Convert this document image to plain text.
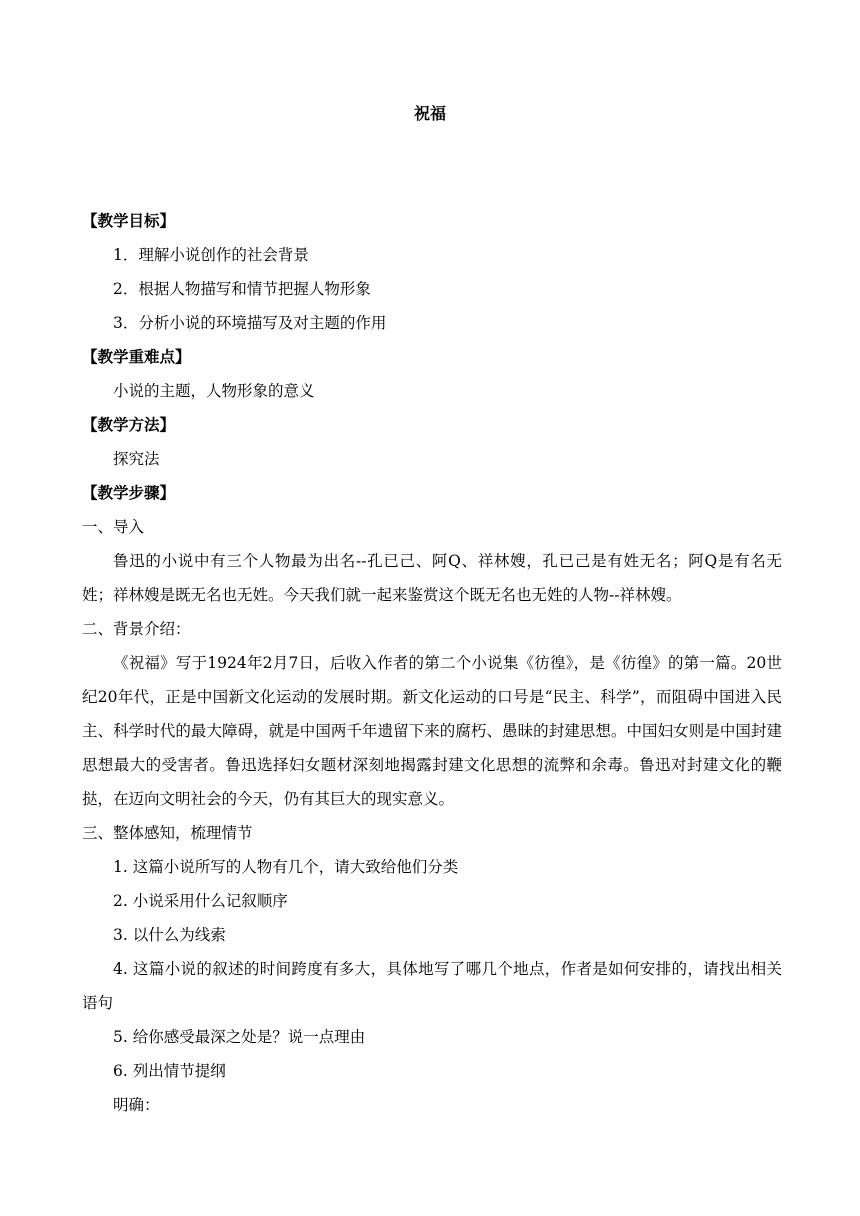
祝福

【教学目标】

1．理解小说创作的社会背景

2．根据人物描写和情节把握人物形象

3．分析小说的环境描写及对主题的作用

【教学重难点】

小说的主题，人物形象的意义

【教学方法】

探究法

【教学步骤】

一、导入

鲁迅的小说中有三个人物最为出名--孔已己、阿Q、祥林嫂，孔已己是有姓无名；阿Q是有名无姓；祥林嫂是既无名也无姓。今天我们就一起来鉴赏这个既无名也无姓的人物--祥林嫂。

二、背景介绍：

《祝福》写于1924年2月7日，后收入作者的第二个小说集《彷徨》，是《彷徨》的第一篇。20世纪20年代，正是中国新文化运动的发展时期。新文化运动的口号是“民主、科学”，而阻碍中国进入民主、科学时代的最大障碍，就是中国两千年遗留下来的腐朽、愚昧的封建思想。中国妇女则是中国封建思想最大的受害者。鲁迅选择妇女题材深刻地揭露封建文化思想的流弊和余毒。鲁迅对封建文化的鞭挞，在迈向文明社会的今天，仍有其巨大的现实意义。

三、整体感知，梳理情节

1. 这篇小说所写的人物有几个，请大致给他们分类

2. 小说采用什么记叙顺序

3. 以什么为线索

4. 这篇小说的叙述的时间跨度有多大，具体地写了哪几个地点，作者是如何安排的，请找出相关语句

5. 给你感受最深之处是？说一点理由

6. 列出情节提纲

明确：
